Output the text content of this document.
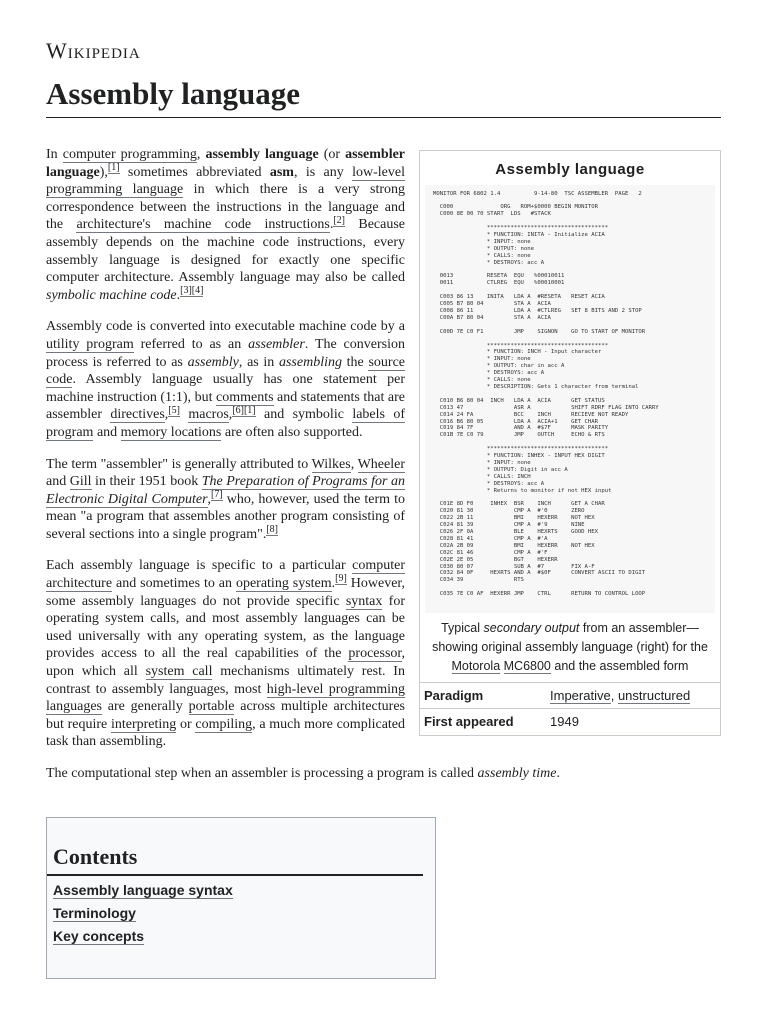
Wikipedia
Assembly language
Assembly language
MONITOR FOR 6802 1.4          9-14-80  TSC ASSEMBLER  PAGE   2

C000              ORG   ROM+$0000 BEGIN MONITOR
C000 8E 00 70 START  LDS   #STACK

************************************
* FUNCTION: INITA - Initialize ACIA
* INPUT: none
* OUTPUT: none
* CALLS: none
* DESTROYS: acc A

0013          RESETA  EQU   %00010011
0011          CTLREG  EQU   %00010001

C003 86 13    INITA   LDA A  #RESETA   RESET ACIA
C005 B7 80 04         STA A  ACIA
C008 86 11            LDA A  #CTLREG   SET 8 BITS AND 2 STOP
C00A B7 80 04         STA A  ACIA

C00D 7E C0 F1         JMP    SIGNON    GO TO START OF MONITOR

************************************
* FUNCTION: INCH - Input character
* INPUT: none
* OUTPUT: char in acc A
* DESTROYS: acc A
* CALLS: none
* DESCRIPTION: Gets 1 character from terminal

C010 B6 80 04  INCH   LDA A  ACIA      GET STATUS
C013 47               ASR A            SHIFT RDRF FLAG INTO CARRY
C014 24 FA            BCC    INCH      RECIEVE NOT READY
C016 B6 80 05         LDA A  ACIA+1    GET CHAR
C019 84 7F            AND A  #$7F      MASK PARITY
C01B 7E C0 79         JMP    OUTCH     ECHO & RTS

************************************
* FUNCTION: INHEX - INPUT HEX DIGIT
* INPUT: none
* OUTPUT: Digit in acc A
* CALLS: INCH
* DESTROYS: acc A
* Returns to monitor if not HEX input

C01E 8D F0     INHEX  BSR    INCH      GET A CHAR
C020 81 30            CMP A  #'0       ZERO
C022 2B 11            BMI    HEXERR    NOT HEX
C024 81 39            CMP A  #'9       NINE
C026 2F 0A            BLE    HEXRTS    GOOD HEX
C028 81 41            CMP A  #'A
C02A 2B 09            BMI    HEXERR    NOT HEX
C02C 81 46            CMP A  #'F
C02E 2E 05            BGT    HEXERR
C030 80 07            SUB A  #7        FIX A-F
C032 84 0F     HEXRTS AND A  #$0F      CONVERT ASCII TO DIGIT
C034 39               RTS

C035 7E C0 AF  HEXERR JMP    CTRL      RETURN TO CONTROL LOOP
Typical secondary output from an assembler—showing original assembly language (right) for the Motorola MC6800 and the assembled form
Paradigm	Imperative, unstructured
First appeared	1949

In computer programming, assembly language (or assembler language),[1] sometimes abbreviated asm, is any low-level programming language in which there is a very strong correspondence between the instructions in the language and the architecture's machine code instructions.[2] Because assembly depends on the machine code instructions, every assembly language is designed for exactly one specific computer architecture. Assembly language may also be called symbolic machine code.[3][4]

Assembly code is converted into executable machine code by a utility program referred to as an assembler. The conversion process is referred to as assembly, as in assembling the source code. Assembly language usually has one statement per machine instruction (1:1), but comments and statements that are assembler directives,[5] macros,[6][1] and symbolic labels of program and memory locations are often also supported.

The term "assembler" is generally attributed to Wilkes, Wheeler and Gill in their 1951 book The Preparation of Programs for an Electronic Digital Computer,[7] who, however, used the term to mean "a program that assembles another program consisting of several sections into a single program".[8]

Each assembly language is specific to a particular computer architecture and sometimes to an operating system.[9] However, some assembly languages do not provide specific syntax for operating system calls, and most assembly languages can be used universally with any operating system, as the language provides access to all the real capabilities of the processor, upon which all system call mechanisms ultimately rest. In contrast to assembly languages, most high-level programming languages are generally portable across multiple architectures but require interpreting or compiling, a much more complicated task than assembling.

The computational step when an assembler is processing a program is called assembly time.

Contents
Assembly language syntax
Terminology
Key concepts
